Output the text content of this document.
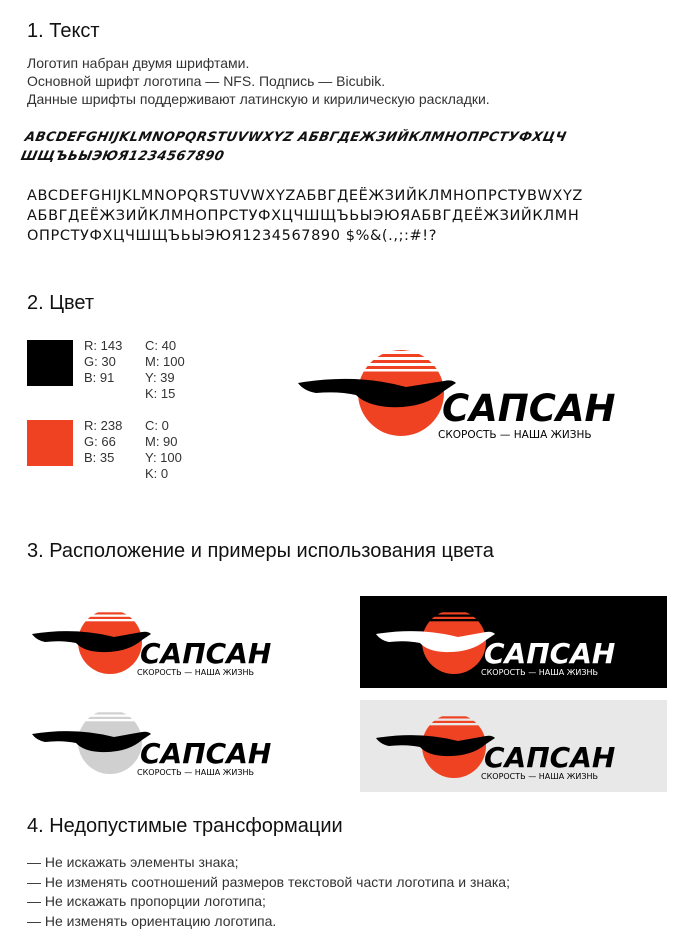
1. Текст
Логотип набран двумя шрифтами.
Основной шрифт логотипа — NFS. Подпись — Bicubik.
Данные шрифты поддерживают латинскую и кирилическую раскладки.
ABCDEFGHIJKLMNOPQRSTUVWXYZ АБВГДЕЖЗИЙКЛМНОПРСТУФХЦЧ
ШЩЪЬЫЭЮЯ1234567890
ABCDEFGHIJKLMNOPQRSTUVWXYZАБВГДЕЁЖЗИЙКЛМНОПРСТУВWXYZ
АБВГДЕЁЖЗИЙКЛМНОПРСТУФХЦЧШЩЪЬЫЭЮЯАБВГДЕЁЖЗИЙКЛМН
ОПРСТУФХЦЧШЩЪЬЫЭЮЯ1234567890 $%&(.,;:#!?
2. Цвет
R: 143
G: 30
B: 91
C: 40
M: 100
Y: 39
K: 15
R: 238
G: 66
B: 35
C: 0
M: 90
Y: 100
K: 0
САПСАН
СКОРОСТЬ — НАША ЖИЗНЬ
3. Расположение и примеры использования цвета
САПСАН
СКОРОСТЬ — НАША ЖИЗНЬ
САПСАН
СКОРОСТЬ — НАША ЖИЗНЬ
САПСАН
СКОРОСТЬ — НАША ЖИЗНЬ	САПСАН
СКОРОСТЬ — НАША ЖИЗНЬ
4. Недопустимые трансформации
— Не искажать элементы знака;
— Не изменять соотношений размеров текстовой части логотипа и знака;
— Не искажать пропорции логотипа;
— Не изменять ориентацию логотипа.
